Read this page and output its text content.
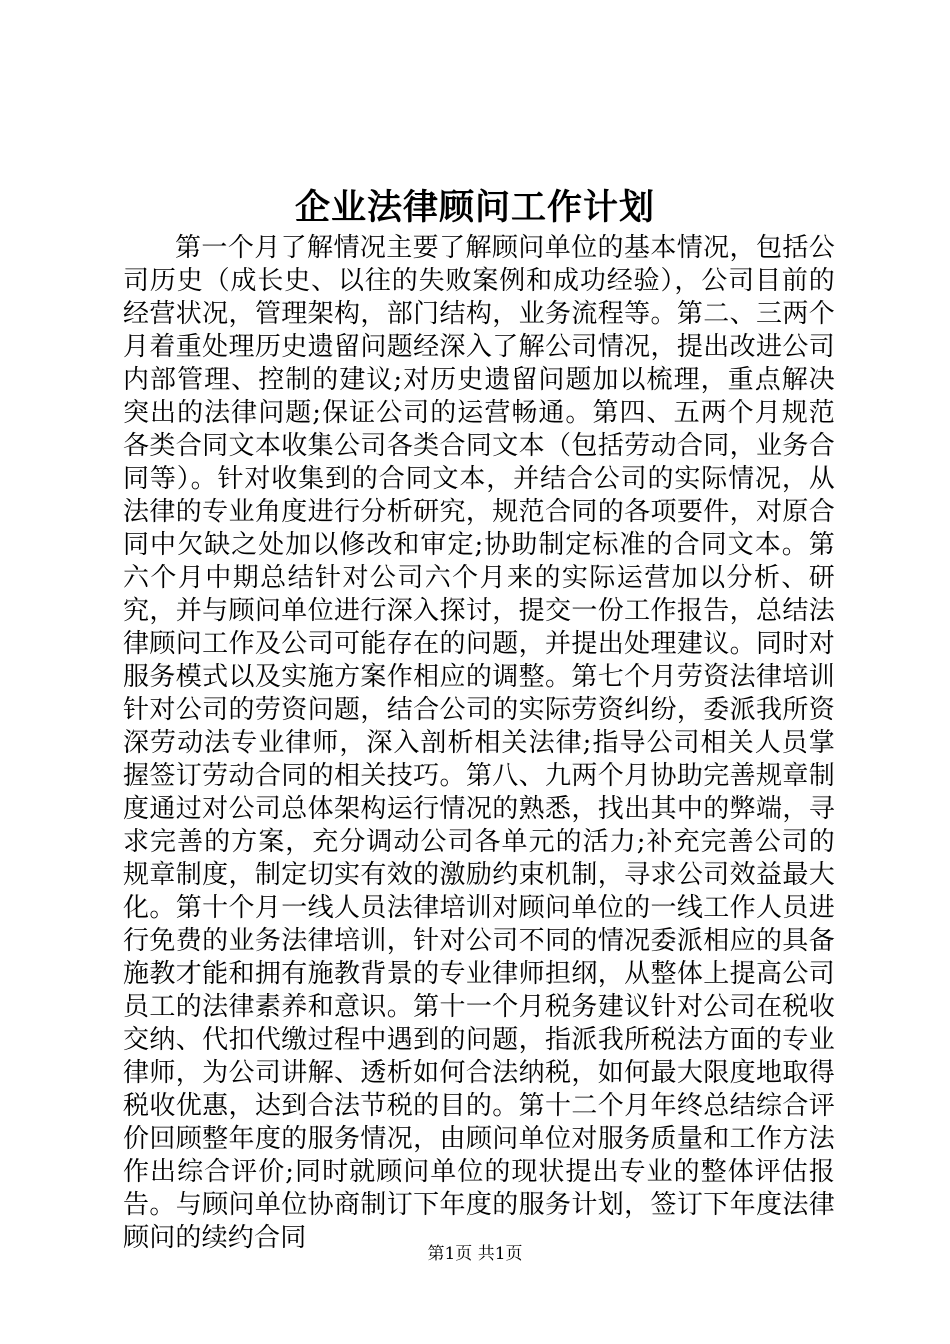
企业法律顾问工作计划

第一个月了解情况主要了解顾问单位的基本情况，包括公司历史（成长史、以往的失败案例和成功经验），公司目前的经营状况，管理架构，部门结构，业务流程等。第二、三两个月着重处理历史遗留问题经深入了解公司情况，提出改进公司内部管理、控制的建议;对历史遗留问题加以梳理，重点解决突出的法律问题;保证公司的运营畅通。第四、五两个月规范各类合同文本收集公司各类合同文本（包括劳动合同，业务合同等）。针对收集到的合同文本，并结合公司的实际情况，从法律的专业角度进行分析研究，规范合同的各项要件，对原合同中欠缺之处加以修改和审定;协助制定标准的合同文本。第六个月中期总结针对公司六个月来的实际运营加以分析、研究，并与顾问单位进行深入探讨，提交一份工作报告，总结法律顾问工作及公司可能存在的问题，并提出处理建议。同时对服务模式以及实施方案作相应的调整。第七个月劳资法律培训针对公司的劳资问题，结合公司的实际劳资纠纷，委派我所资深劳动法专业律师，深入剖析相关法律;指导公司相关人员掌握签订劳动合同的相关技巧。第八、九两个月协助完善规章制度通过对公司总体架构运行情况的熟悉，找出其中的弊端，寻求完善的方案，充分调动公司各单元的活力;补充完善公司的规章制度，制定切实有效的激励约束机制，寻求公司效益最大化。第十个月一线人员法律培训对顾问单位的一线工作人员进行免费的业务法律培训，针对公司不同的情况委派相应的具备施教才能和拥有施教背景的专业律师担纲，从整体上提高公司员工的法律素养和意识。第十一个月税务建议针对公司在税收交纳、代扣代缴过程中遇到的问题，指派我所税法方面的专业律师，为公司讲解、透析如何合法纳税，如何最大限度地取得税收优惠，达到合法节税的目的。第十二个月年终总结综合评价回顾整年度的服务情况，由顾问单位对服务质量和工作方法作出综合评价;同时就顾问单位的现状提出专业的整体评估报告。与顾问单位协商制订下年度的服务计划，签订下年度法律顾问的续约合同

第1页 共1页
